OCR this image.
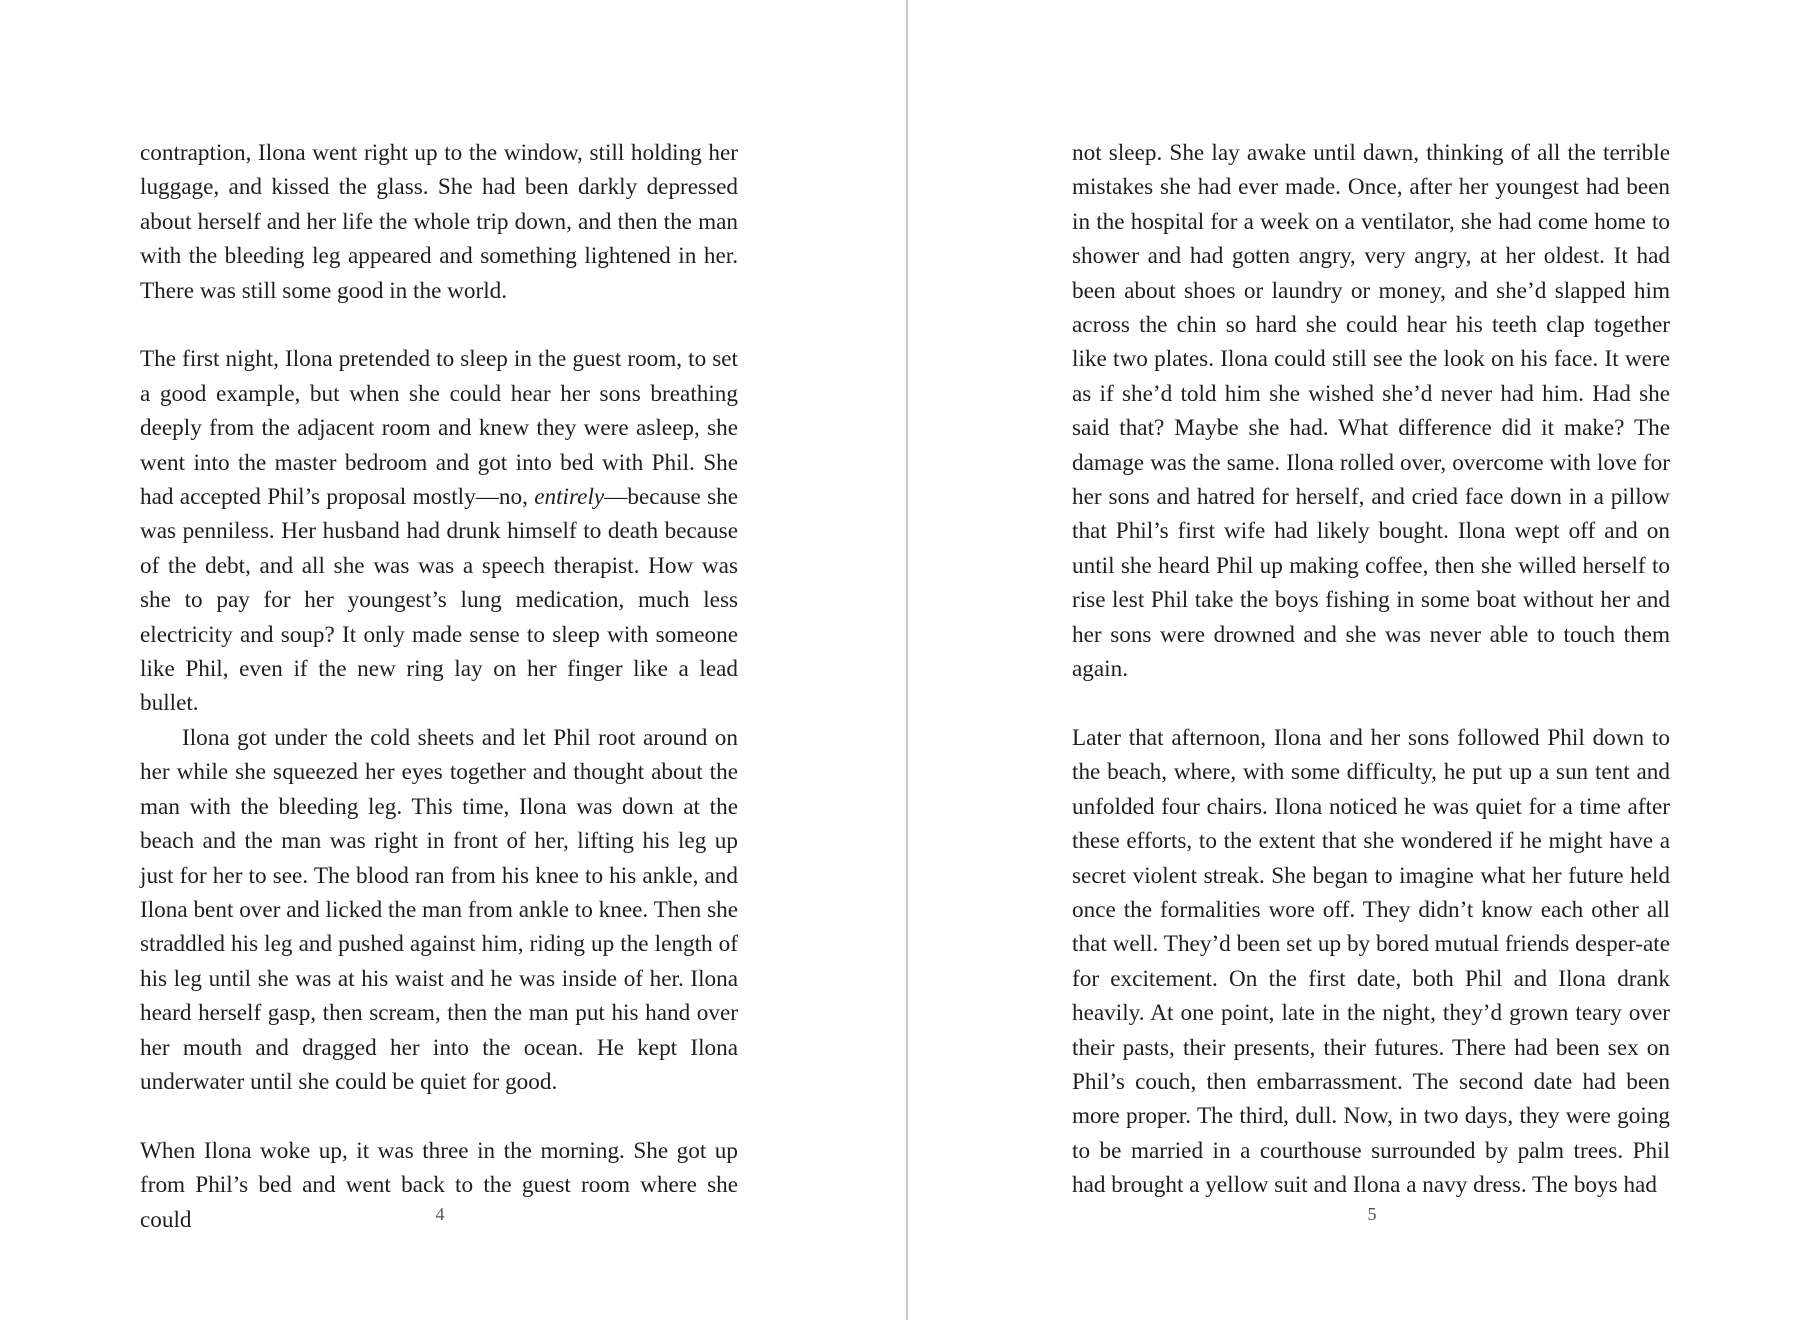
contraption, Ilona went right up to the window, still holding her luggage, and kissed the glass. She had been darkly depressed about herself and her life the whole trip down, and then the man with the bleeding leg appeared and something lightened in her. There was still some good in the world.

The first night, Ilona pretended to sleep in the guest room, to set a good example, but when she could hear her sons breathing deeply from the adjacent room and knew they were asleep, she went into the master bedroom and got into bed with Phil. She had accepted Phil’s proposal mostly—no, entirely—because she was penniless. Her husband had drunk himself to death because of the debt, and all she was was a speech therapist. How was she to pay for her youngest’s lung medication, much less electricity and soup? It only made sense to sleep with someone like Phil, even if the new ring lay on her finger like a lead bullet.

Ilona got under the cold sheets and let Phil root around on her while she squeezed her eyes together and thought about the man with the bleeding leg. This time, Ilona was down at the beach and the man was right in front of her, lifting his leg up just for her to see. The blood ran from his knee to his ankle, and Ilona bent over and licked the man from ankle to knee. Then she straddled his leg and pushed against him, riding up the length of his leg until she was at his waist and he was inside of her. Ilona heard herself gasp, then scream, then the man put his hand over her mouth and dragged her into the ocean. He kept Ilona underwater until she could be quiet for good.

When Ilona woke up, it was three in the morning. She got up from Phil’s bed and went back to the guest room where she could	4

not sleep. She lay awake until dawn, thinking of all the terrible mistakes she had ever made. Once, after her youngest had been in the hospital for a week on a ventilator, she had come home to shower and had gotten angry, very angry, at her oldest. It had been about shoes or laundry or money, and she’d slapped him across the chin so hard she could hear his teeth clap together like two plates. Ilona could still see the look on his face. It were as if she’d told him she wished she’d never had him. Had she said that? Maybe she had. What difference did it make? The damage was the same. Ilona rolled over, overcome with love for her sons and hatred for herself, and cried face down in a pillow that Phil’s first wife had likely bought. Ilona wept off and on until she heard Phil up making coffee, then she willed herself to rise lest Phil take the boys fishing in some boat without her and her sons were drowned and she was never able to touch them again.

Later that afternoon, Ilona and her sons followed Phil down to the beach, where, with some difficulty, he put up a sun tent and unfolded four chairs. Ilona noticed he was quiet for a time after these efforts, to the extent that she wondered if he might have a secret violent streak. She began to imagine what her future held once the formalities wore off. They didn’t know each other all that well. They’d been set up by bored mutual friends desper-ate for excitement. On the first date, both Phil and Ilona drank heavily. At one point, late in the night, they’d grown teary over their pasts, their presents, their futures. There had been sex on Phil’s couch, then embarrassment. The second date had been more proper. The third, dull. Now, in two days, they were going to be married in a courthouse surrounded by palm trees. Phil had brought a yellow suit and Ilona a navy dress. The boys had

5
